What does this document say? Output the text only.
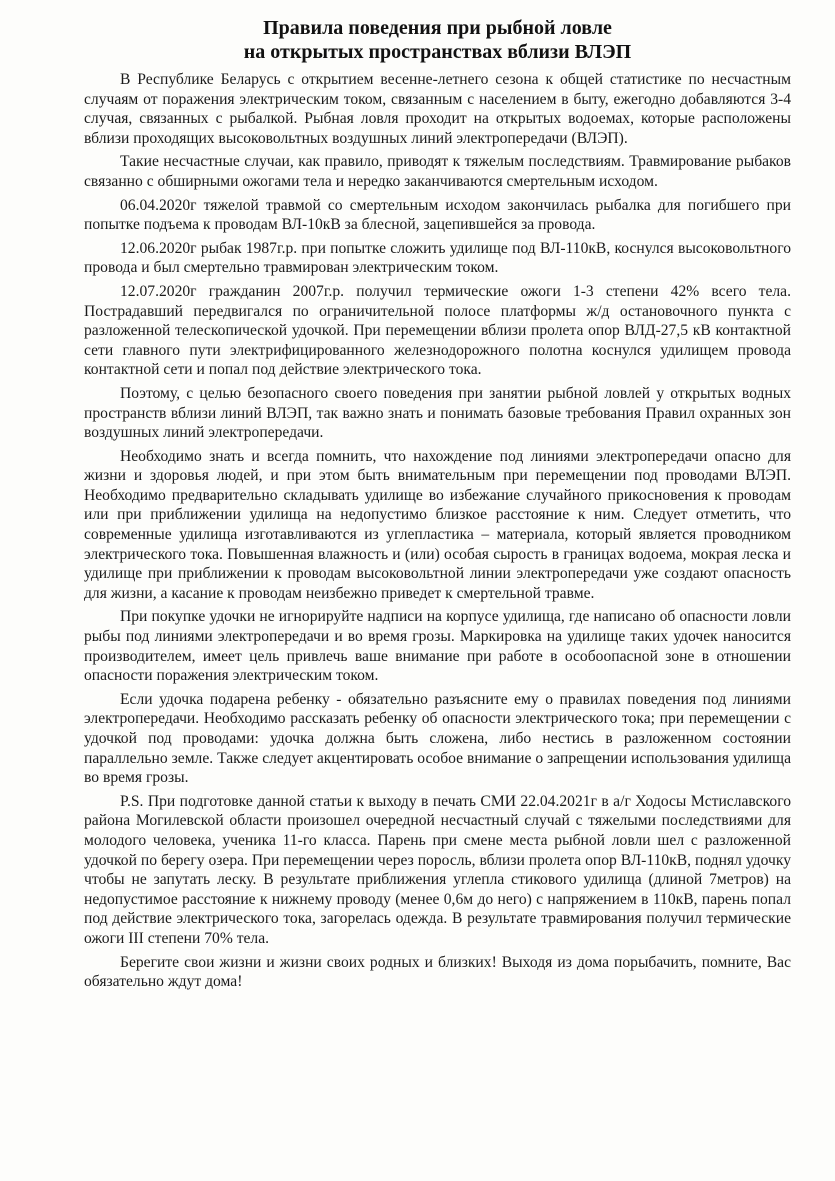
Правила поведения при рыбной ловле
на открытых пространствах вблизи ВЛЭП

В Республике Беларусь с открытием весенне-летнего сезона к общей статистике по несчастным случаям от поражения электрическим током, связанным с населением в быту, ежегодно добавляются 3-4 случая, связанных с рыбалкой. Рыбная ловля проходит на открытых водоемах, которые расположены вблизи проходящих высоковольтных воздушных линий электропередачи (ВЛЭП).

Такие несчастные случаи, как правило, приводят к тяжелым последствиям. Травмирование рыбаков связанно с обширными ожогами тела и нередко заканчиваются смертельным исходом.

06.04.2020г тяжелой травмой со смертельным исходом закончилась рыбалка для погибшего при попытке подъема к проводам ВЛ-10кВ за блесной, зацепившейся за провода.

12.06.2020г рыбак 1987г.р. при попытке сложить удилище под ВЛ-110кВ, коснулся высоковольтного провода и был смертельно травмирован электрическим током.

12.07.2020г гражданин 2007г.р. получил термические ожоги 1-3 степени 42% всего тела. Пострадавший передвигался по ограничительной полосе платформы ж/д остановочного пункта с разложенной телескопической удочкой. При перемещении вблизи пролета опор ВЛД-27,5 кВ контактной сети главного пути электрифицированного железнодорожного полотна коснулся удилищем провода контактной сети и попал под действие электрического тока.

Поэтому, с целью безопасного своего поведения при занятии рыбной ловлей у открытых водных пространств вблизи линий ВЛЭП, так важно знать и понимать базовые требования Правил охранных зон воздушных линий электропередачи.

Необходимо знать и всегда помнить, что нахождение под линиями электропередачи опасно для жизни и здоровья людей, и при этом быть внимательным при перемещении под проводами ВЛЭП. Необходимо предварительно складывать удилище во избежание случайного прикосновения к проводам или при приближении удилища на недопустимо близкое расстояние к ним. Следует отметить, что современные удилища изготавливаются из углепластика – материала, который является проводником электрического тока. Повышенная влажность и (или) особая сырость в границах водоема, мокрая леска и удилище при приближении к проводам высоковольтной линии электропередачи уже создают опасность для жизни, а касание к проводам неизбежно приведет к смертельной травме.

При покупке удочки не игнорируйте надписи на корпусе удилища, где написано об опасности ловли рыбы под линиями электропередачи и во время грозы. Маркировка на удилище таких удочек наносится производителем, имеет цель привлечь ваше внимание при работе в особоопасной зоне в отношении опасности поражения электрическим током.

Если удочка подарена ребенку - обязательно разъясните ему о правилах поведения под линиями электропередачи. Необходимо рассказать ребенку об опасности электрического тока; при перемещении с удочкой под проводами: удочка должна быть сложена, либо нестись в разложенном состоянии параллельно земле. Также следует акцентировать особое внимание о запрещении использования удилища во время грозы.

P.S. При подготовке данной статьи к выходу в печать СМИ 22.04.2021г в а/г Ходосы Мстиславского района Могилевской области произошел очередной несчастный случай с тяжелыми последствиями для молодого человека, ученика 11-го класса. Парень при смене места рыбной ловли шел с разложенной удочкой по берегу озера. При перемещении через поросль, вблизи пролета опор ВЛ-110кВ, поднял удочку чтобы не запутать леску. В результате приближения углепла стикового удилища (длиной 7метров) на недопустимое расстояние к нижнему проводу (менее 0,6м до него) с напряжением в 110кВ, парень попал под действие электрического тока, загорелась одежда. В результате травмирования получил термические ожоги III степени 70% тела.

Берегите свои жизни и жизни своих родных и близких! Выходя из дома порыбачить, помните, Вас обязательно ждут дома!
